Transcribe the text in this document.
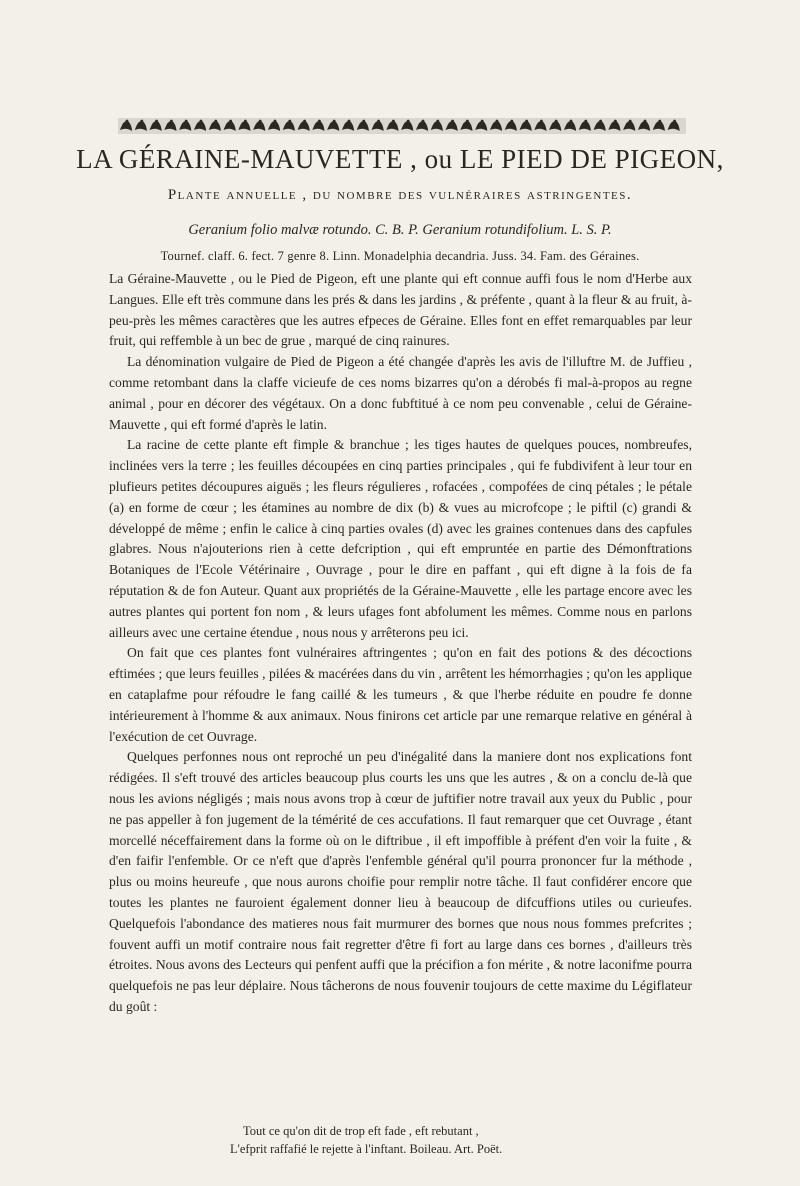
LA GÉRAINE-MAUVETTE , ou LE PIED DE PIGEON,
Plante annuelle , du nombre des vulnéraires astringentes.
Geranium folio malvæ rotundo. C. B. P. Geranium rotundifolium. L. S. P.
Tournef. claff. 6. fect. 7 genre 8. Linn. Monadelphia decandria. Juss. 34. Fam. des Géraines.

La Géraine-Mauvette , ou le Pied de Pigeon, eft une plante qui eft connue auffi fous le nom d'Herbe aux Langues. Elle eft très commune dans les prés & dans les jardins , & préfente , quant à la fleur & au fruit, à-peu-près les mêmes caractères que les autres efpeces de Géraine. Elles font en effet remarquables par leur fruit, qui reffemble à un bec de grue , marqué de cinq rainures.

La dénomination vulgaire de Pied de Pigeon a été changée d'après les avis de l'illuftre M. de Juffieu , comme retombant dans la claffe vicieufe de ces noms bizarres qu'on a dérobés fi mal-à-propos au regne animal , pour en décorer des végétaux. On a donc fubftitué à ce nom peu convenable , celui de Géraine-Mauvette , qui eft formé d'après le latin.

La racine de cette plante eft fimple & branchue ; les tiges hautes de quelques pouces, nombreufes, inclinées vers la terre ; les feuilles découpées en cinq parties principales , qui fe fubdivifent à leur tour en plufieurs petites découpures aiguës ; les fleurs régulieres , rofacées , compofées de cinq pétales ; le pétale (a) en forme de cœur ; les étamines au nombre de dix (b) & vues au microfcope ; le piftil (c) grandi & développé de même ; enfin le calice à cinq parties ovales (d) avec les graines contenues dans des capfules glabres. Nous n'ajouterions rien à cette defcription , qui eft empruntée en partie des Démonftrations Botaniques de l'Ecole Vétérinaire , Ouvrage , pour le dire en paffant , qui eft digne à la fois de fa réputation & de fon Auteur. Quant aux propriétés de la Géraine-Mauvette , elle les partage encore avec les autres plantes qui portent fon nom , & leurs ufages font abfolument les mêmes. Comme nous en parlons ailleurs avec une certaine étendue , nous nous y arrêterons peu ici.

On fait que ces plantes font vulnéraires aftringentes ; qu'on en fait des potions & des décoctions eftimées ; que leurs feuilles , pilées & macérées dans du vin , arrêtent les hémorrhagies ; qu'on les applique en cataplafme pour réfoudre le fang caillé & les tumeurs , & que l'herbe réduite en poudre fe donne intérieurement à l'homme & aux animaux. Nous finirons cet article par une remarque relative en général à l'exécution de cet Ouvrage.

Quelques perfonnes nous ont reproché un peu d'inégalité dans la maniere dont nos explications font rédigées. Il s'eft trouvé des articles beaucoup plus courts les uns que les autres , & on a conclu de-là que nous les avions négligés ; mais nous avons trop à cœur de juftifier notre travail aux yeux du Public , pour ne pas appeller à fon jugement de la témérité de ces accufations. Il faut remarquer que cet Ouvrage , étant morcellé néceffairement dans la forme où on le diftribue , il eft impoffible à préfent d'en voir la fuite , & d'en faifir l'enfemble. Or ce n'eft que d'après l'enfemble général qu'il pourra prononcer fur la méthode , plus ou moins heureufe , que nous aurons choifie pour remplir notre tâche. Il faut confidérer encore que toutes les plantes ne fauroient également donner lieu à beaucoup de difcuffions utiles ou curieufes. Quelquefois l'abondance des matieres nous fait murmurer des bornes que nous nous fommes prefcrites ; fouvent auffi un motif contraire nous fait regretter d'être fi fort au large dans ces bornes , d'ailleurs très étroites. Nous avons des Lecteurs qui penfent auffi que la précifion a fon mérite , & notre laconifme pourra quelquefois ne pas leur déplaire. Nous tâcherons de nous fouvenir toujours de cette maxime du Légiflateur du goût :

Tout ce qu'on dit de trop eft fade , eft rebutant ,
L'efprit raffafié le rejette à l'inftant. Boileau. Art. Poët.
